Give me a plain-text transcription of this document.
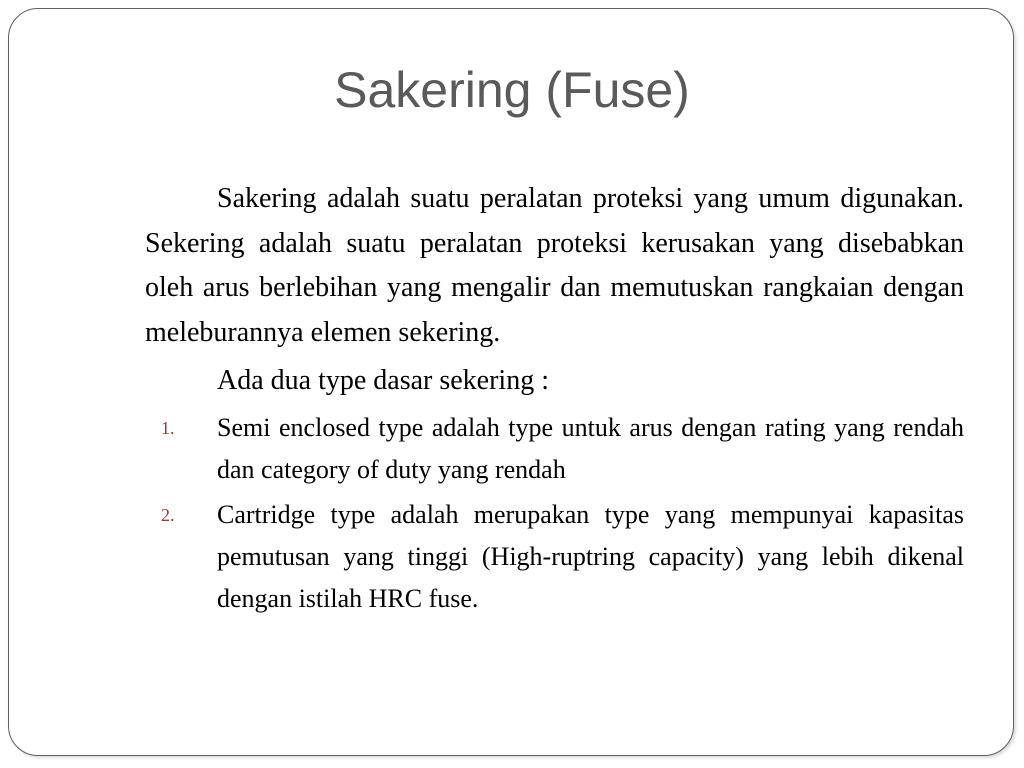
Sakering (Fuse)

Sakering adalah suatu peralatan proteksi yang umum digunakan. Sekering adalah suatu peralatan proteksi kerusakan yang disebabkan oleh arus berlebihan yang mengalir dan memutuskan rangkaian dengan meleburannya elemen sekering.

Ada dua type dasar sekering :

1. Semi enclosed type adalah type untuk arus dengan rating yang rendah dan category of duty yang rendah
2. Cartridge type adalah merupakan type yang mempunyai kapasitas pemutusan yang tinggi (High-ruptring capacity) yang lebih dikenal dengan istilah HRC fuse.
